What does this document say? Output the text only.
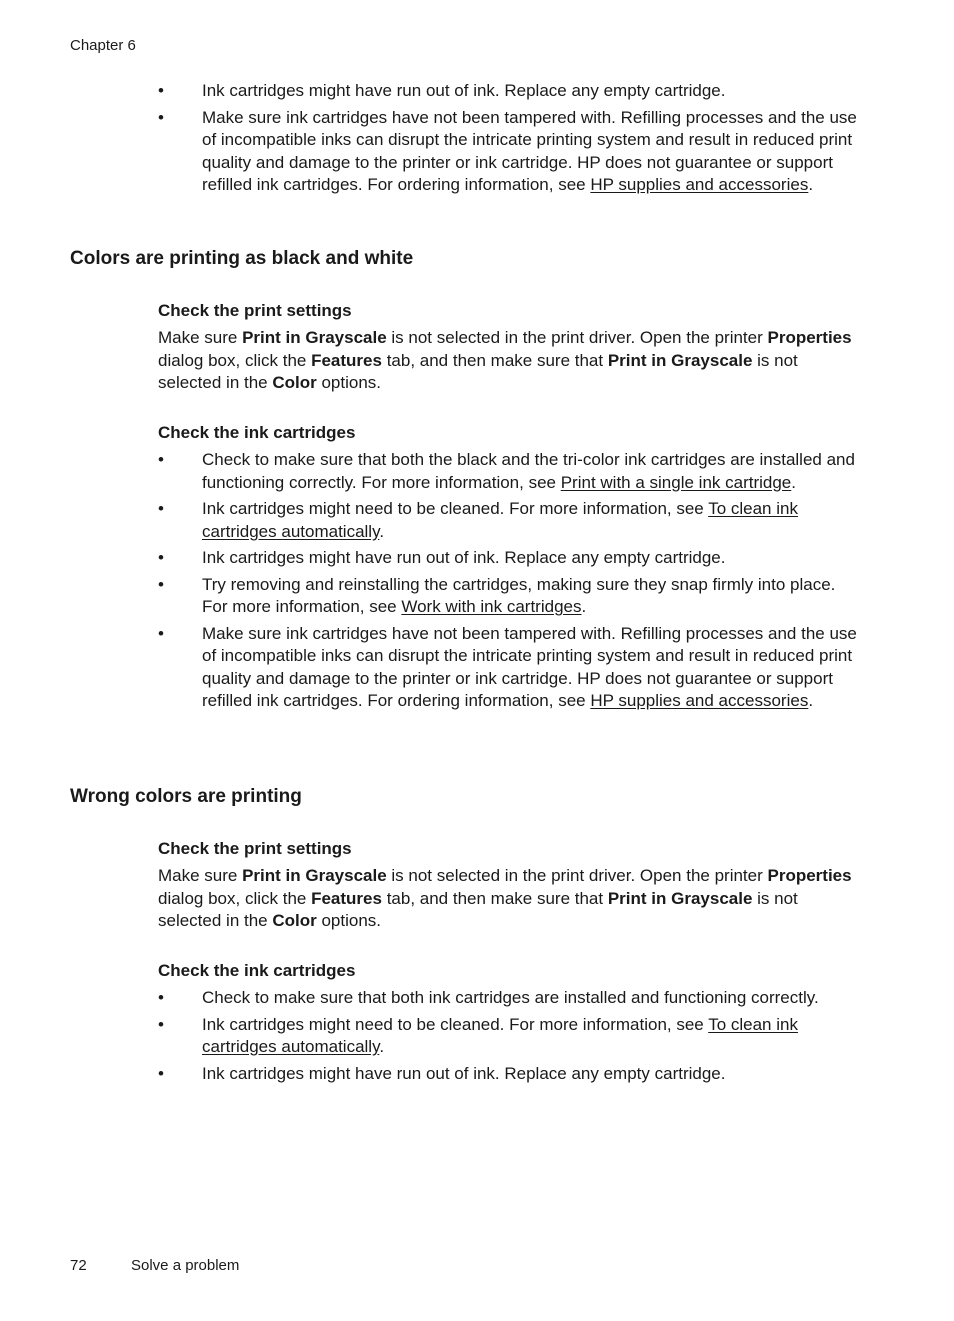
Chapter 6
• Ink cartridges might have run out of ink. Replace any empty cartridge.
• Make sure ink cartridges have not been tampered with. Refilling processes and the use of incompatible inks can disrupt the intricate printing system and result in reduced print quality and damage to the printer or ink cartridge. HP does not guarantee or support refilled ink cartridges. For ordering information, see HP supplies and accessories.
Colors are printing as black and white
Check the print settings

Make sure Print in Grayscale is not selected in the print driver. Open the printer Properties dialog box, click the Features tab, and then make sure that Print in Grayscale is not selected in the Color options.

Check the ink cartridges
• Check to make sure that both the black and the tri-color ink cartridges are installed and functioning correctly. For more information, see Print with a single ink cartridge.
• Ink cartridges might need to be cleaned. For more information, see To clean ink cartridges automatically.
• Ink cartridges might have run out of ink. Replace any empty cartridge.
• Try removing and reinstalling the cartridges, making sure they snap firmly into place. For more information, see Work with ink cartridges.
• Make sure ink cartridges have not been tampered with. Refilling processes and the use of incompatible inks can disrupt the intricate printing system and result in reduced print quality and damage to the printer or ink cartridge. HP does not guarantee or support refilled ink cartridges. For ordering information, see HP supplies and accessories.
Wrong colors are printing
Check the print settings

Make sure Print in Grayscale is not selected in the print driver. Open the printer Properties dialog box, click the Features tab, and then make sure that Print in Grayscale is not selected in the Color options.

Check the ink cartridges
• Check to make sure that both ink cartridges are installed and functioning correctly.
• Ink cartridges might need to be cleaned. For more information, see To clean ink cartridges automatically.
• Ink cartridges might have run out of ink. Replace any empty cartridge.
72	Solve a problem
